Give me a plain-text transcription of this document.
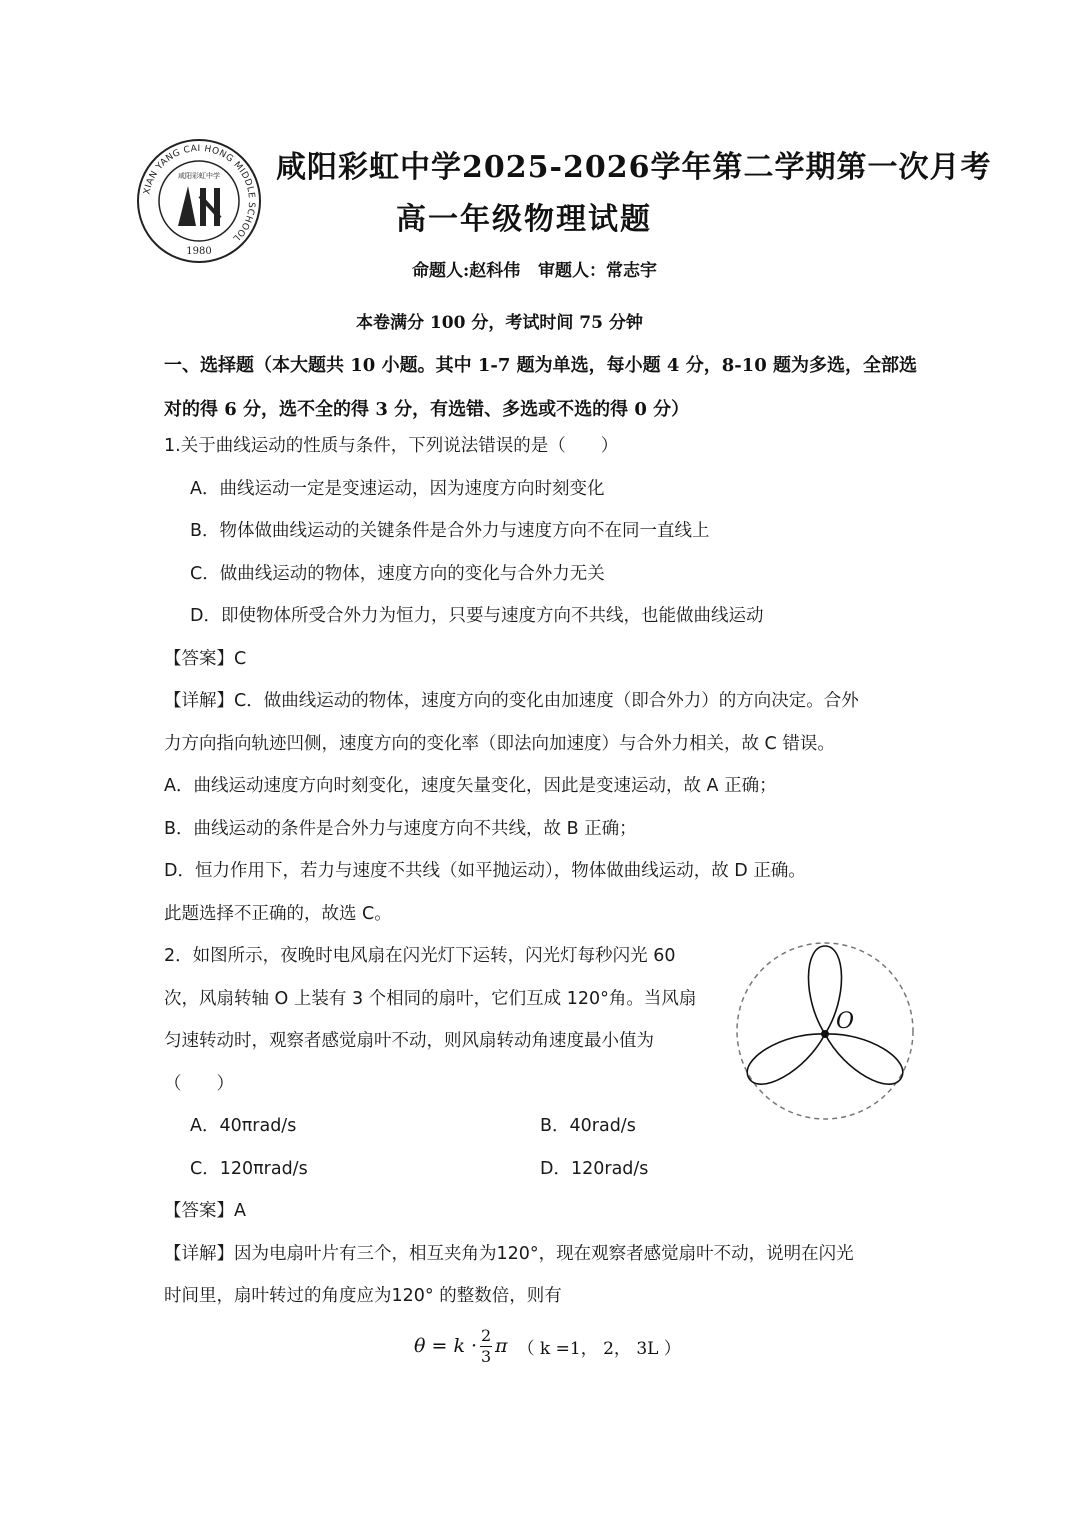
XIAN YANG CAI HONG MIDDLE SCHOOL
咸阳彩虹中学
1980
咸阳彩虹中学2025-2026学年第二学期第一次月考
高一年级物理试题
命题人:赵科伟   审题人：常志宇
本卷满分 100 分，考试时间 75 分钟
一、选择题（本大题共 10 小题。其中 1-7 题为单选，每小题 4 分，8-10 题为多选，全部选
对的得 6 分，选不全的得 3 分，有选错、多选或不选的得 0 分）
1.关于曲线运动的性质与条件，下列说法错误的是（　　）
A．曲线运动一定是变速运动，因为速度方向时刻变化
B．物体做曲线运动的关键条件是合外力与速度方向不在同一直线上
C．做曲线运动的物体，速度方向的变化与合外力无关
D．即使物体所受合外力为恒力，只要与速度方向不共线，也能做曲线运动
【答案】C
【详解】C．做曲线运动的物体，速度方向的变化由加速度（即合外力）的方向决定。合外
力方向指向轨迹凹侧，速度方向的变化率（即法向加速度）与合外力相关，故 C 错误。
A．曲线运动速度方向时刻变化，速度矢量变化，因此是变速运动，故 A 正确；
B．曲线运动的条件是合外力与速度方向不共线，故 B 正确；
D．恒力作用下，若力与速度不共线（如平抛运动），物体做曲线运动，故 D 正确。
此题选择不正确的，故选 C。
2．如图所示，夜晚时电风扇在闪光灯下运转，闪光灯每秒闪光 60
次，风扇转轴 O 上装有 3 个相同的扇叶，它们互成 120°角。当风扇
匀速转动时，观察者感觉扇叶不动，则风扇转动角速度最小值为
（　　）
O
A．40πrad/s	B．40rad/s
C．120πrad/s	D．120rad/s
【答案】A
【详解】因为电扇叶片有三个，相互夹角为120°，现在观察者感觉扇叶不动，说明在闪光
时间里，扇叶转过的角度应为120° 的整数倍，则有
$\theta = k \cdot \frac{2}{3}$ π （ k =1， 2， 3L ）
